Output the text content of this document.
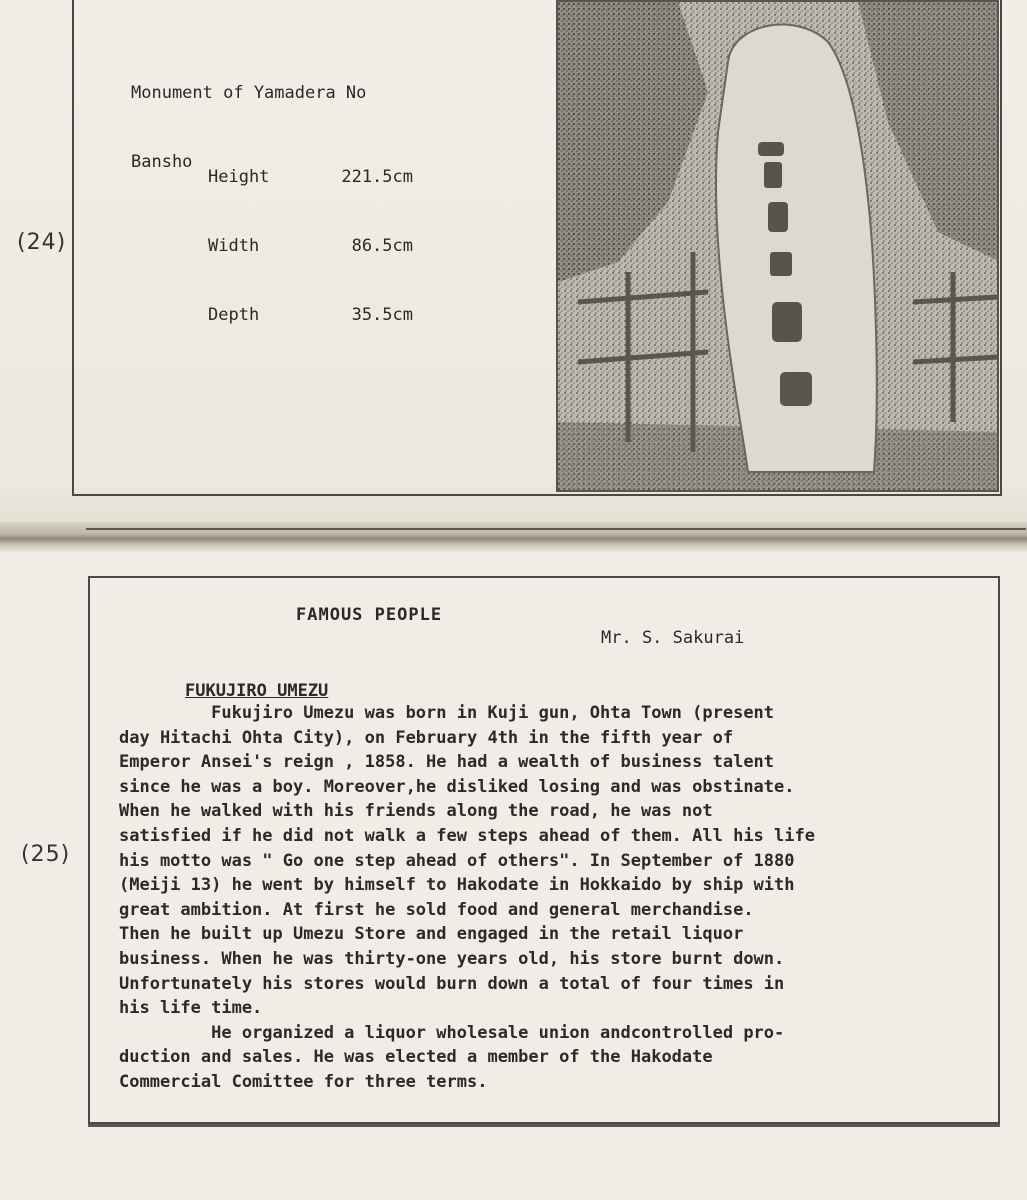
(24)

Monument of Yamadera No

Bansho

Height	221.5cm

Width	86.5cm

Depth	35.5cm

(25)
FAMOUS PEOPLE
Mr. S. Sakurai
FUKUJIRO UMEZU
Fukujiro Umezu was born in Kuji gun, Ohta Town (present
day Hitachi Ohta City), on February 4th in the fifth year of
Emperor Ansei's reign , 1858. He had a wealth of business talent
since he was a boy. Moreover,he disliked losing and was obstinate.
When he walked with his friends along the road, he was not
satisfied if he did not walk a few steps ahead of them. All his life
his motto was " Go one step ahead of others". In September of 1880
(Meiji 13) he went by himself to Hakodate in Hokkaido by ship with
great ambition. At first he sold food and general merchandise.
Then he built up Umezu Store and engaged in the retail liquor
business. When he was thirty-one years old, his store burnt down.
Unfortunately his stores would burn down a total of four times in
his life time.
He organized a liquor wholesale union andcontrolled pro-
duction and sales. He was elected a member of the Hakodate
Commercial Comittee for three terms.
